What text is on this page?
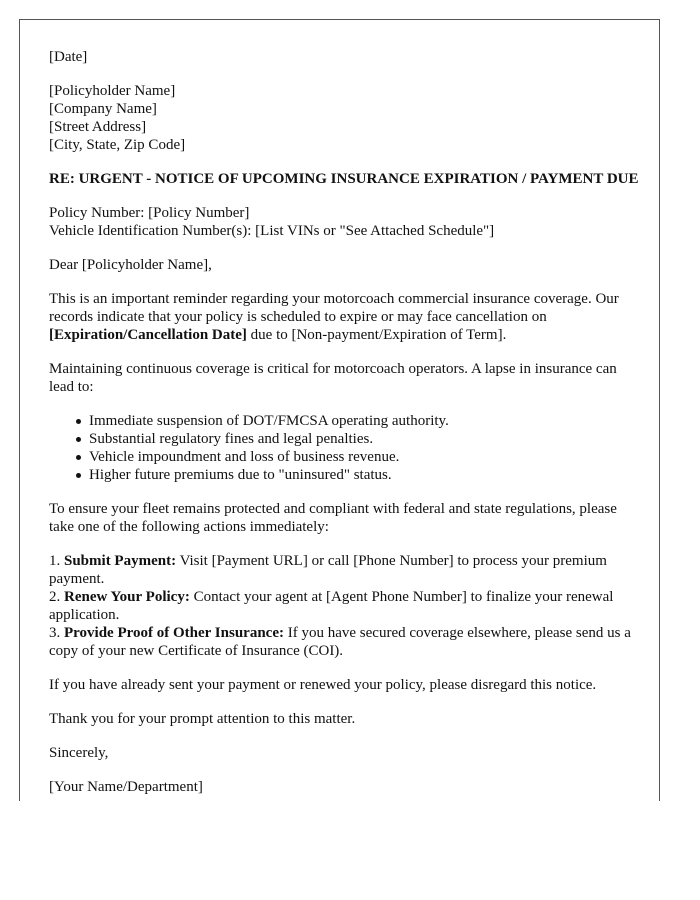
[Date]
[Policyholder Name]
[Company Name]
[Street Address]
[City, State, Zip Code]
RE: URGENT - NOTICE OF UPCOMING INSURANCE EXPIRATION / PAYMENT DUE
Policy Number: [Policy Number]
Vehicle Identification Number(s): [List VINs or "See Attached Schedule"]

Dear [Policyholder Name],

This is an important reminder regarding your motorcoach commercial insurance coverage. Our records indicate that your policy is scheduled to expire or may face cancellation on [Expiration/Cancellation Date] due to [Non-payment/Expiration of Term].

Maintaining continuous coverage is critical for motorcoach operators. A lapse in insurance can lead to:

Immediate suspension of DOT/FMCSA operating authority.
Substantial regulatory fines and legal penalties.
Vehicle impoundment and loss of business revenue.
Higher future premiums due to "uninsured" status.

To ensure your fleet remains protected and compliant with federal and state regulations, please take one of the following actions immediately:

1. Submit Payment: Visit [Payment URL] or call [Phone Number] to process your premium payment.
2. Renew Your Policy: Contact your agent at [Agent Phone Number] to finalize your renewal application.
3. Provide Proof of Other Insurance: If you have secured coverage elsewhere, please send us a copy of your new Certificate of Insurance (COI).

If you have already sent your payment or renewed your policy, please disregard this notice.

Thank you for your prompt attention to this matter.

Sincerely,

[Your Name/Department]
